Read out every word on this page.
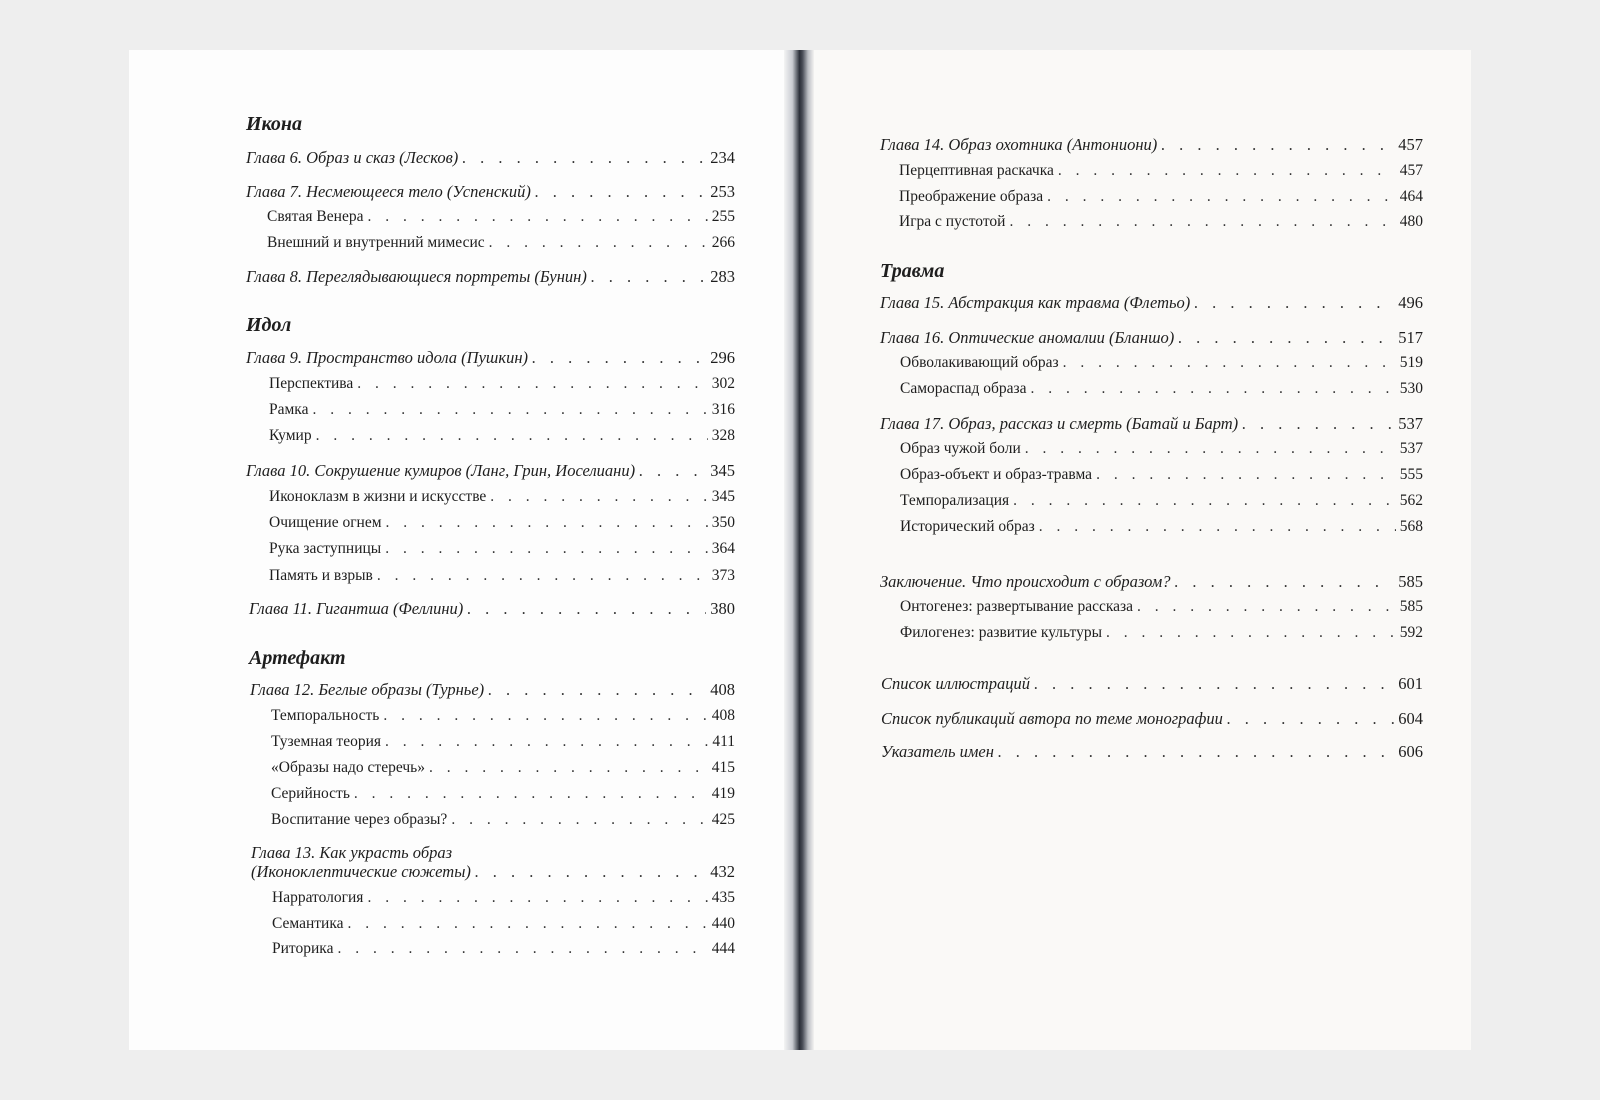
Икона
Глава 6. Образ и сказ (Лесков) . . .	234
Глава 7. Несмеющееся тело (Успенский) . . .	253
Святая Венера . . .	255
Внешний и внутренний мимесис . . .	266
Глава 8. Переглядывающиеся портреты (Бунин) . . .	283
Идол
Глава 9. Пространство идола (Пушкин) . . .	296
Перспектива . . .	302
Рамка . . .	316
Кумир . . .	328
Глава 10. Сокрушение кумиров (Ланг, Грин, Иоселиани) . . .	345
Иконоклазм в жизни и искусстве . . .	345
Очищение огнем . . .	350
Рука заступницы . . .	364
Память и взрыв . . .	373
Глава 11. Гигантша (Феллини) . . .	380
Артефакт
Глава 12. Беглые образы (Турнье) . . .	408
Темпоральность . . .	408
Туземная теория . . .	411
«Образы надо стеречь» . . .	415
Серийность . . .	419
Воспитание через образы? . . .	425
Глава 13. Как украсть образ
(Иконоклептические сюжеты) . . .	432
Нарратология . . .	435
Семантика . . .	440
Риторика . . .	444
Глава 14. Образ охотника (Антониони) . . .	457
Перцептивная раскачка . . .	457
Преображение образа . . .	464
Игра с пустотой . . .	480
Травма
Глава 15. Абстракция как травма (Флетьо) . . .	496
Глава 16. Оптические аномалии (Бланшо) . . .	517
Обволакивающий образ . . .	519
Самораспад образа . . .	530
Глава 17. Образ, рассказ и смерть (Батай и Барт) . . .	537
Образ чужой боли . . .	537
Образ-объект и образ-травма . . .	555
Темпорализация . . .	562
Исторический образ . . .	568
Заключение. Что происходит с образом? . . .	585
Онтогенез: развертывание рассказа . . .	585
Филогенез: развитие культуры . . .	592
Список иллюстраций . . .	601
Список публикаций автора по теме монографии . . .	604
Указатель имен . . .	606
